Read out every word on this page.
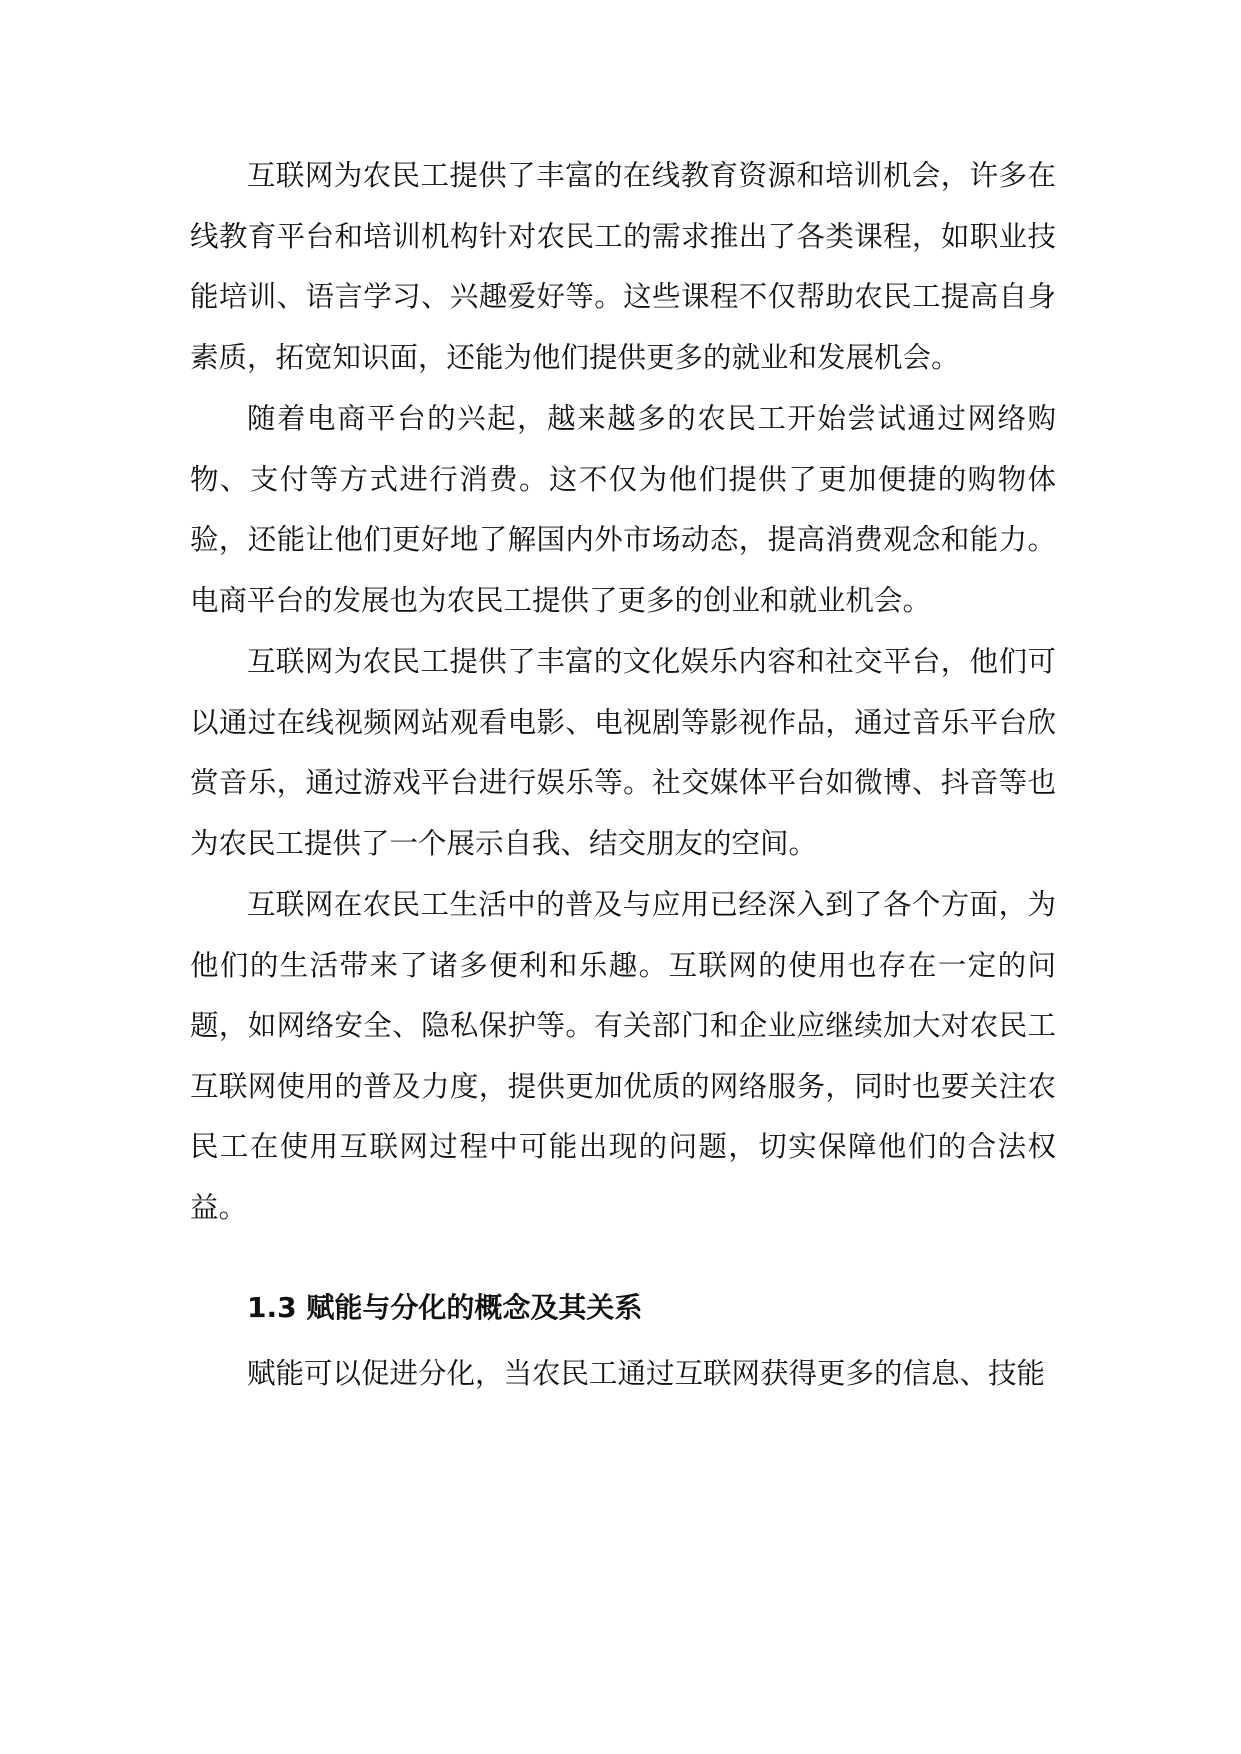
互联网为农民工提供了丰富的在线教育资源和培训机会，许多在线教育平台和培训机构针对农民工的需求推出了各类课程，如职业技能培训、语言学习、兴趣爱好等。这些课程不仅帮助农民工提高自身素质，拓宽知识面，还能为他们提供更多的就业和发展机会。

随着电商平台的兴起，越来越多的农民工开始尝试通过网络购物、支付等方式进行消费。这不仅为他们提供了更加便捷的购物体验，还能让他们更好地了解国内外市场动态，提高消费观念和能力。电商平台的发展也为农民工提供了更多的创业和就业机会。

互联网为农民工提供了丰富的文化娱乐内容和社交平台，他们可以通过在线视频网站观看电影、电视剧等影视作品，通过音乐平台欣赏音乐，通过游戏平台进行娱乐等。社交媒体平台如微博、抖音等也为农民工提供了一个展示自我、结交朋友的空间。

互联网在农民工生活中的普及与应用已经深入到了各个方面，为他们的生活带来了诸多便利和乐趣。互联网的使用也存在一定的问题，如网络安全、隐私保护等。有关部门和企业应继续加大对农民工互联网使用的普及力度，提供更加优质的网络服务，同时也要关注农民工在使用互联网过程中可能出现的问题，切实保障他们的合法权益。

1.3 赋能与分化的概念及其关系

赋能可以促进分化，当农民工通过互联网获得更多的信息、技能
